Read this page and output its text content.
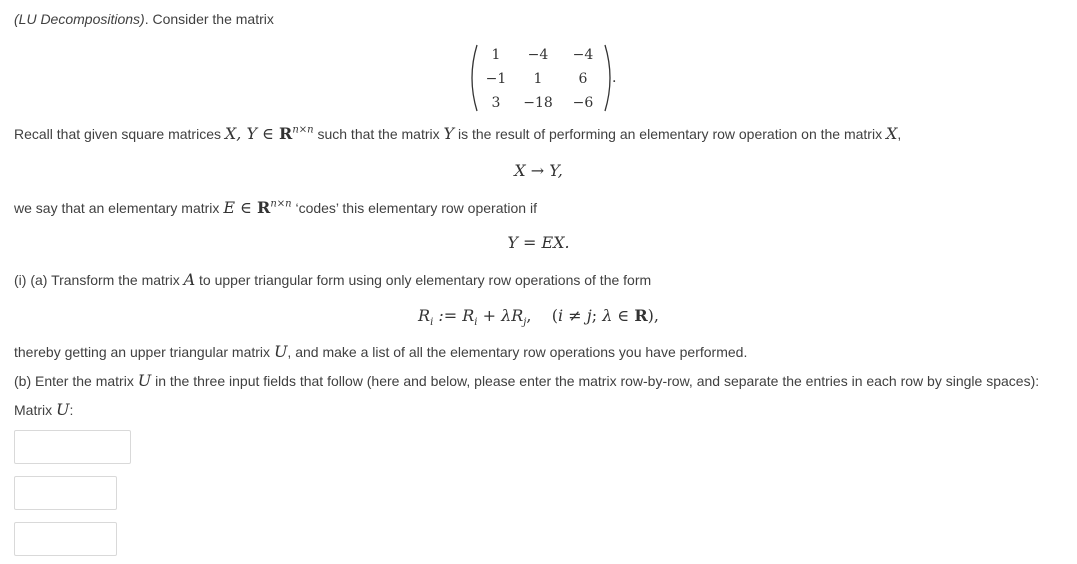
(LU Decompositions). Consider the matrix
1	−4	−4
−1	1	6
3	−18	−6
.
Recall that given square matrices X, Y ∈ $R^{n\times n}$ such that the matrix Y is the result of performing an elementary row operation on the matrix X,
X → Y,
we say that an elementary matrix E ∈ $R^{n\times n}$ ‘codes’ this elementary row operation if
Y = EX.
(i) (a) Transform the matrix A to upper triangular form using only elementary row operations of the form
$R_i$ := $R_i + \lambda R_j$, (i ≠ j; λ ∈ R),
thereby getting an upper triangular matrix U, and make a list of all the elementary row operations you have performed.
(b) Enter the matrix U in the three input fields that follow (here and below, please enter the matrix row-by-row, and separate the entries in each row by single spaces):
Matrix U:
